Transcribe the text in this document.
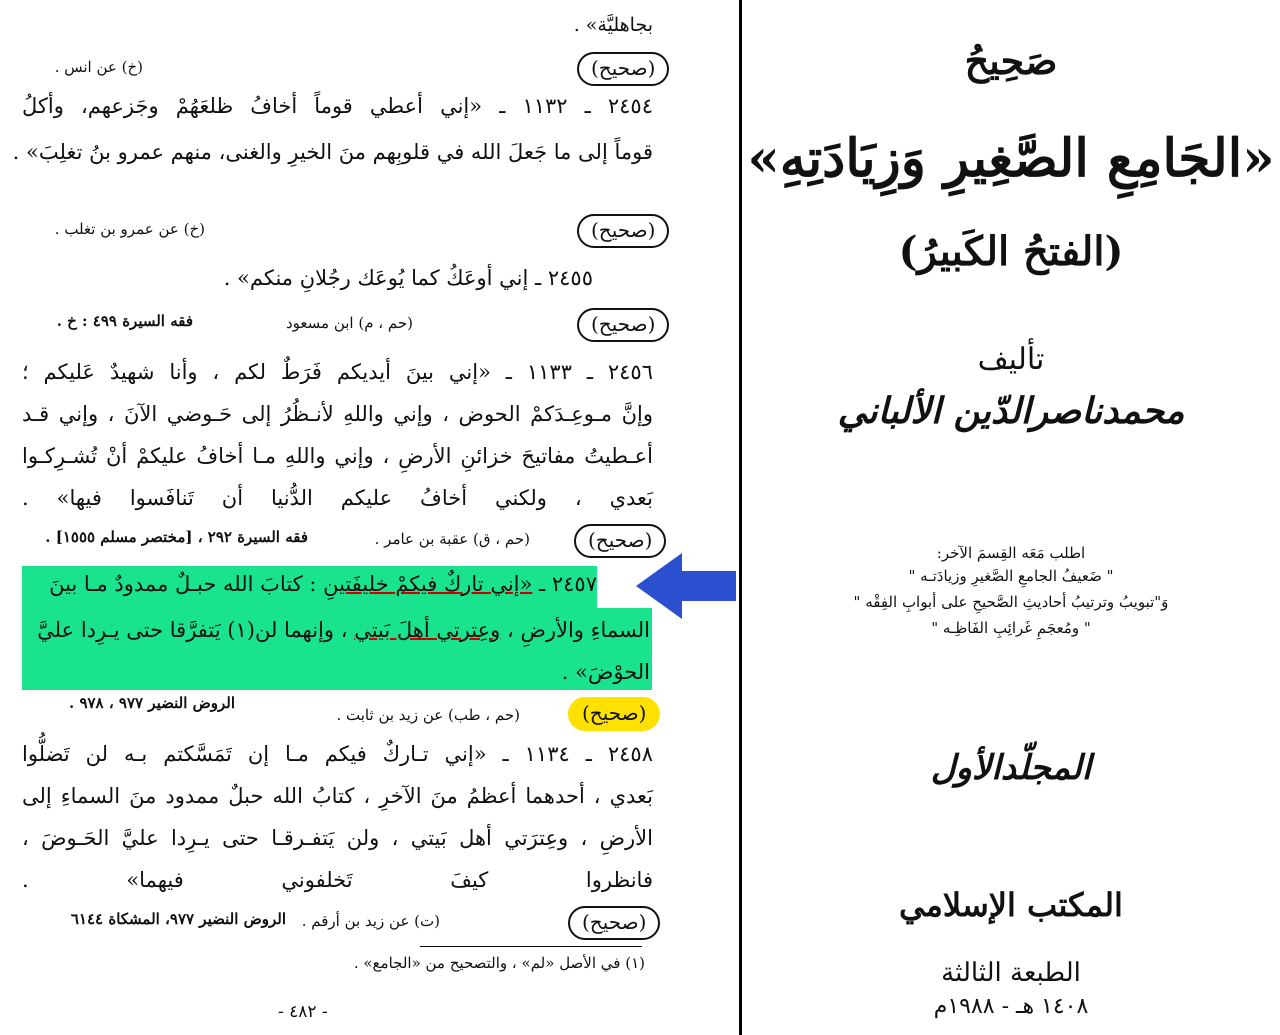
بجاهليَّة» .
(صحيح)
(خ) عن انس .
٢٤٥٤ ـ ١١٣٢ ـ «إني أعطي قوماً أخافُ ظلعَهُمْ وجَزعهم، وأكلُ
قوماً إلى ما جَعلَ الله في قلوبِهم منَ الخيرِ والغنى، منهم عمرو بنُ تغلِبَ» .
(صحيح)
(خ) عن عمرو بن تغلب .
٢٤٥٥ ـ إني أوعَكُ كما يُوعَك رجُلانِ منكم» .
(صحيح)
(حم ، م) ابن مسعود
فقه السيرة ٤٩٩ : خ .
٢٤٥٦ ـ ١١٣٣ ـ «إني بينَ أيديكم فَرَطٌ لكم ، وأنا شهيدٌ عَليكم ؛
وإنَّ مـوعِـدَكمْ الحوض ، وإني واللهِ لأنـظُرُ إلى حَـوضي الآنَ ، وإني قـد
أعـطيتُ مفاتيحَ خزائنِ الأرضِ ، وإني واللهِ مـا أخافُ عليكمْ أنْ تُشـرِكـوا
بَعدي ، ولكني أخافُ عليكم الدُّنيا أن تَنافَسوا فيها» .
(صحيح)
(حم ، ق) عقبة بن عامر .
فقه السيرة ٢٩٢ ، [مختصر مسلم ١٥٥٥] .
٢٤٥٧ ـ «إني تاركٌ فيكمْ خليفَتينِ : كتابَ الله حبـلٌ ممدودٌ مـا بينَ
السماءِ والأرضِ ، وعِترتي أهلَ بَيتي ، وإنهما لن(١) يَتفرَّقا حتى يـرِدا عليَّ
الحوْضَ» .
(صحيح)
(حم ، طب) عن زيد بن ثابت .
الروض النضير ٩٧٧ ، ٩٧٨ .
٢٤٥٨ ـ ١١٣٤ ـ «إني تـاركٌ فيكم مـا إن تَمَسَّكتم بـه لن تَضلُّوا
بَعدي ، أحدهما أعظمُ منَ الآخرِ ، كتابُ الله حبلٌ ممدود منَ السماءِ إلى
الأرضِ ، وعِترَتي أهل بَيتي ، ولن يَتفـرقـا حتى يـرِدا عليَّ الحَـوضَ ،
فانظروا كيفَ تَخلفوني فيهما» .
(صحيح)
(ت) عن زيد بن أرقم .
الروض النضير ٩٧٧، المشكاة ٦١٤٤
(١) في الأصل «لم» ، والتصحيح من «الجامع» .
- ٤٨٢ -
صَحِيحُ
«الجَامِعِ الصَّغِيرِ وَزِيَادَتِهِ»
(الفتحُ الكَبيرُ)
تأليف
محمدناصرالدّين الألباني
اطلب مَعَه القِسمَ الآخر:
" ضَعيفُ الجامعِ الصَّغيرِ وزيادَتـه "
وَ"تبويبُ وترتيبُ أحاديثِ الصَّحيحِ على أبوابِ الفِقْه "
" ومُعجَمِ غَرائِبِ الفَاظِـه "
المجلّدالأول
المكتب الإسلامي
الطبعة الثالثة
١٤٠٨ هـ - ١٩٨٨م
